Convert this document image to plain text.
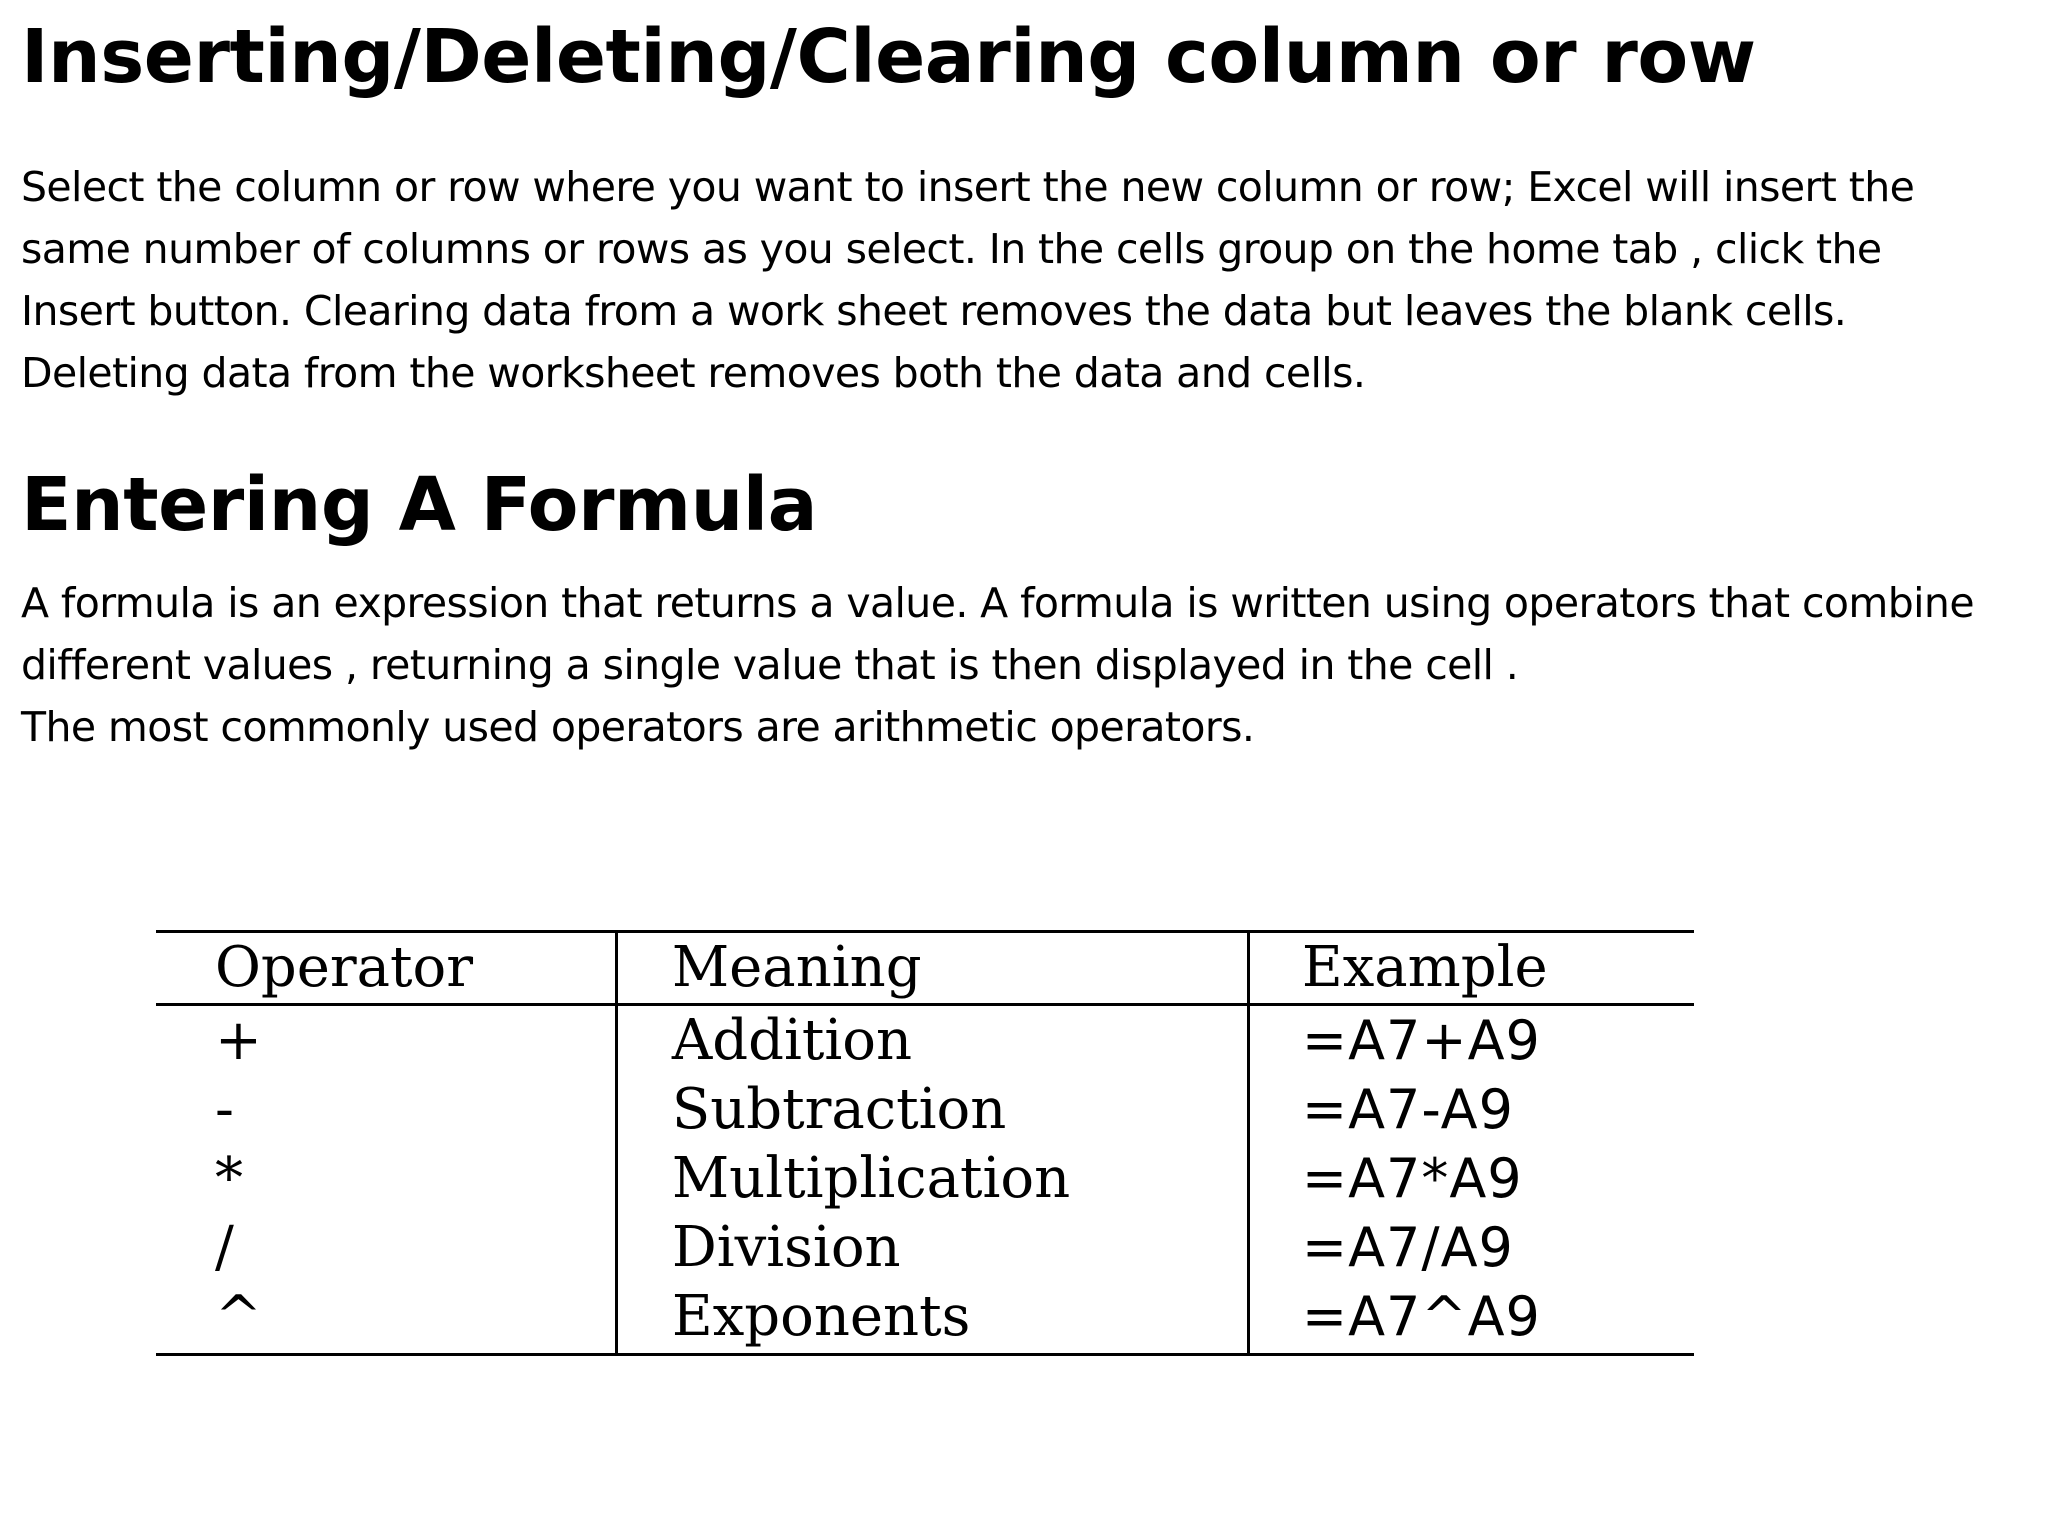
Inserting/Deleting/Clearing column or row

Select the column or row where you want to insert the new column or row; Excel will insert the
same number of columns or rows as you select. In the cells group on the home tab , click the
Insert button. Clearing data from a work sheet removes the data but leaves the blank cells.
Deleting data from the worksheet removes both the data and cells.

Entering A Formula

A formula is an expression that returns a value. A formula is written using operators that combine
different values , returning a single value that is then displayed in the cell .
The most commonly used operators are arithmetic operators.

Operator	Meaning	Example
+	Addition	=A7+A9
-	Subtraction	=A7-A9
*	Multiplication	=A7*A9
/	Division	=A7/A9
^	Exponents	=A7^A9
